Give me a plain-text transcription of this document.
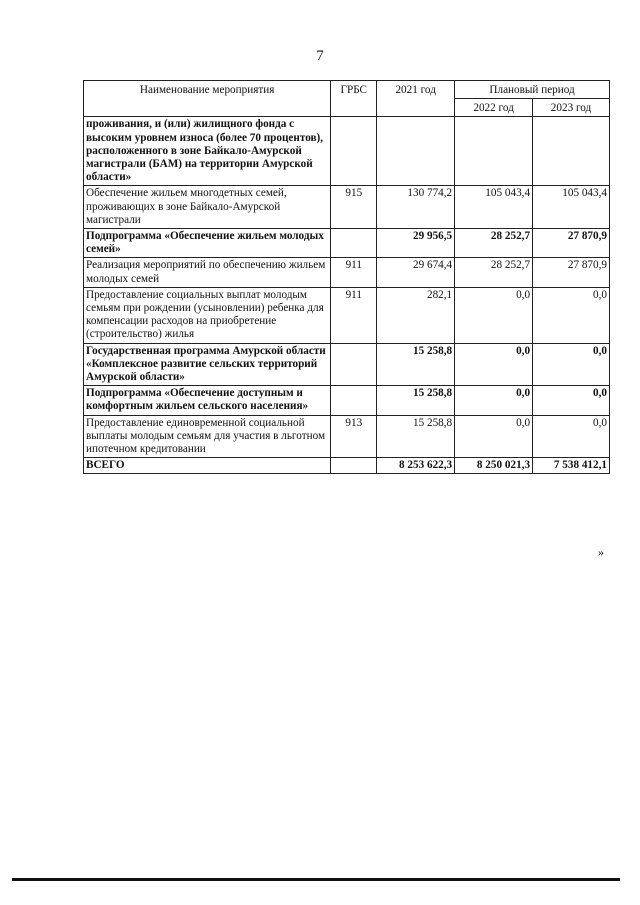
7
Наименование мероприятия	ГРБС	2021 год	Плановый период	
			2022 год	2023 год
проживания, и (или) жилищного фонда с высоким уровнем износа (более 70 процентов), расположенного в зоне Байкало-Амурской магистрали (БАМ) на территории Амурской области»				
Обеспечение жильем многодетных семей, проживающих в зоне Байкало-Амурской магистрали	915	130 774,2	105 043,4	105 043,4
Подпрограмма «Обеспечение жильем молодых семей»		29 956,5	28 252,7	27 870,9
Реализация мероприятий по обеспечению жильем молодых семей	911	29 674,4	28 252,7	27 870,9
Предоставление социальных выплат молодым семьям при рождении (усыновлении) ребенка для компенсации расходов на приобретение (строительство) жилья	911	282,1	0,0	0,0
Государственная программа Амурской области «Комплексное развитие сельских территорий Амурской области»		15 258,8	0,0	0,0
Подпрограмма «Обеспечение доступным и комфортным жильем сельского населения»		15 258,8	0,0	0,0
Предоставление единовременной социальной выплаты молодым семьям для участия в льготном ипотечном кредитовании	913	15 258,8	0,0	0,0
ВСЕГО		8 253 622,3	8 250 021,3	7 538 412,1
»
